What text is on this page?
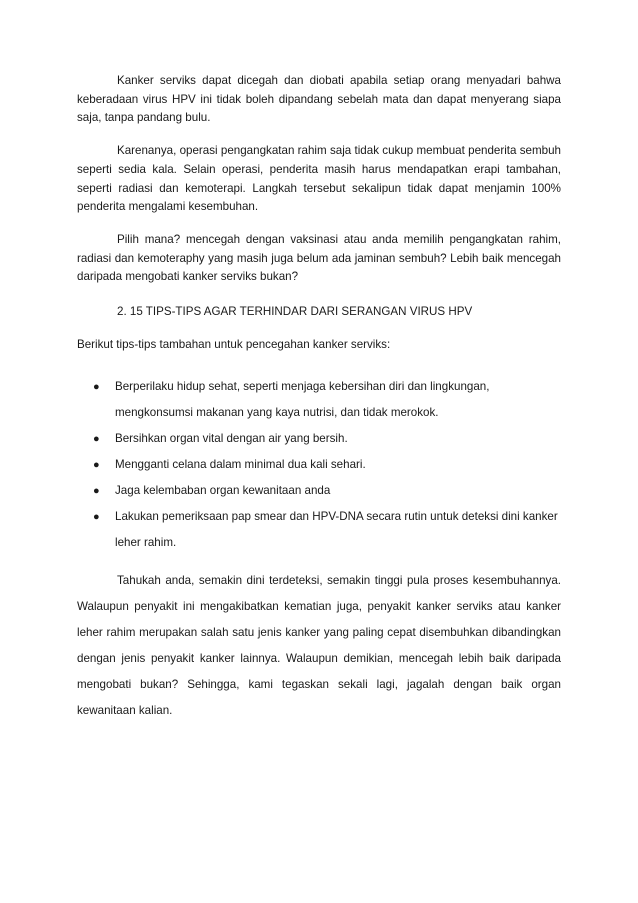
Kanker serviks dapat dicegah dan diobati apabila setiap orang menyadari bahwa keberadaan virus HPV ini tidak boleh dipandang sebelah mata dan dapat menyerang siapa saja, tanpa pandang bulu.

Karenanya, operasi pengangkatan rahim saja tidak cukup membuat penderita sembuh seperti sedia kala. Selain operasi, penderita masih harus mendapatkan erapi tambahan, seperti radiasi dan kemoterapi. Langkah tersebut sekalipun tidak dapat menjamin 100% penderita mengalami kesembuhan.

Pilih mana? mencegah dengan vaksinasi atau anda memilih pengangkatan rahim, radiasi dan kemoteraphy yang masih juga belum ada jaminan sembuh? Lebih baik mencegah daripada mengobati kanker serviks bukan?

2. 15 TIPS-TIPS AGAR TERHINDAR DARI SERANGAN VIRUS HPV

Berikut tips-tips tambahan untuk pencegahan kanker serviks:

● Berperilaku hidup sehat, seperti menjaga kebersihan diri dan lingkungan, mengkonsumsi makanan yang kaya nutrisi, dan tidak merokok.
● Bersihkan organ vital dengan air yang bersih.
● Mengganti celana dalam minimal dua kali sehari.
● Jaga kelembaban organ kewanitaan anda
● Lakukan pemeriksaan pap smear dan HPV-DNA secara rutin untuk deteksi dini kanker leher rahim.

Tahukah anda, semakin dini terdeteksi, semakin tinggi pula proses kesembuhannya. Walaupun penyakit ini mengakibatkan kematian juga, penyakit kanker serviks atau kanker leher rahim merupakan salah satu jenis kanker yang paling cepat disembuhkan dibandingkan dengan jenis penyakit kanker lainnya. Walaupun demikian, mencegah lebih baik daripada mengobati bukan? Sehingga, kami tegaskan sekali lagi, jagalah dengan baik organ kewanitaan kalian.
